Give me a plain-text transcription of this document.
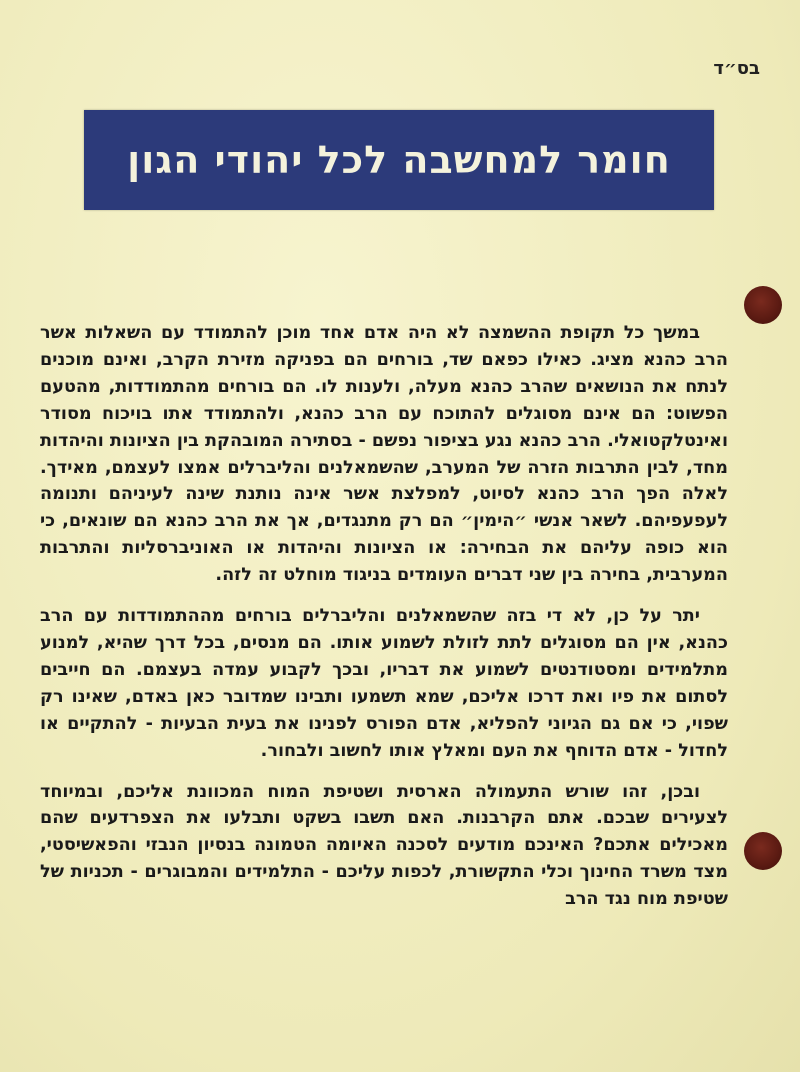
בס״ד
חומר למחשבה לכל יהודי הגון

במשך כל תקופת ההשמצה לא היה אדם אחד מוכן להתמודד עם השאלות אשר הרב כהנא מציג. כאילו כפאם שד, בורחים הם בפניקה מזירת הקרב, ואינם מוכנים לנתח את הנושאים שהרב כהנא מעלה, ולענות לו. הם בורחים מהתמודדות, מהטעם הפשוט: הם אינם מסוגלים להתוכח עם הרב כהנא, ולהתמודד אתו בויכוח מסודר ואינטלקטואלי. הרב כהנא נגע בציפור נפשם - בסתירה המובהקת בין הציונות והיהדות מחד, לבין התרבות הזרה של המערב, שהשמאלנים והליברלים אמצו לעצמם, מאידך. לאלה הפך הרב כהנא לסיוט, למפלצת אשר אינה נותנת שינה לעיניהם ותנומה לעפעפיהם. לשאר אנשי ״הימין״ הם רק מתנגדים, אך את הרב כהנא הם שונאים, כי הוא כופה עליהם את הבחירה: או הציונות והיהדות או האוניברסליות והתרבות המערבית, בחירה בין שני דברים העומדים בניגוד מוחלט זה לזה.

יתר על כן, לא די בזה שהשמאלנים והליברלים בורחים מההתמודדות עם הרב כהנא, אין הם מסוגלים לתת לזולת לשמוע אותו. הם מנסים, בכל דרך שהיא, למנוע מתלמידים ומסטודנטים לשמוע את דבריו, ובכך לקבוע עמדה בעצמם. הם חייבים לסתום את פיו ואת דרכו אליכם, שמא תשמעו ותבינו שמדובר כאן באדם, שאינו רק שפוי, כי אם גם הגיוני להפליא, אדם הפורס לפנינו את בעית הבעיות - להתקיים או לחדול - אדם הדוחף את העם ומאלץ אותו לחשוב ולבחור.

ובכן, זהו שורש התעמולה הארסית ושטיפת המוח המכוונת אליכם, ובמיוחד לצעירים שבכם. אתם הקרבנות. האם תשבו בשקט ותבלעו את הצפרדעים שהם מאכילים אתכם? האינכם מודעים לסכנה האיומה הטמונה בנסיון הנבזי והפאשיסטי, מצד משרד החינוך וכלי התקשורת, לכפות עליכם - התלמידים והמבוגרים - תכניות של שטיפת מוח נגד הרב
